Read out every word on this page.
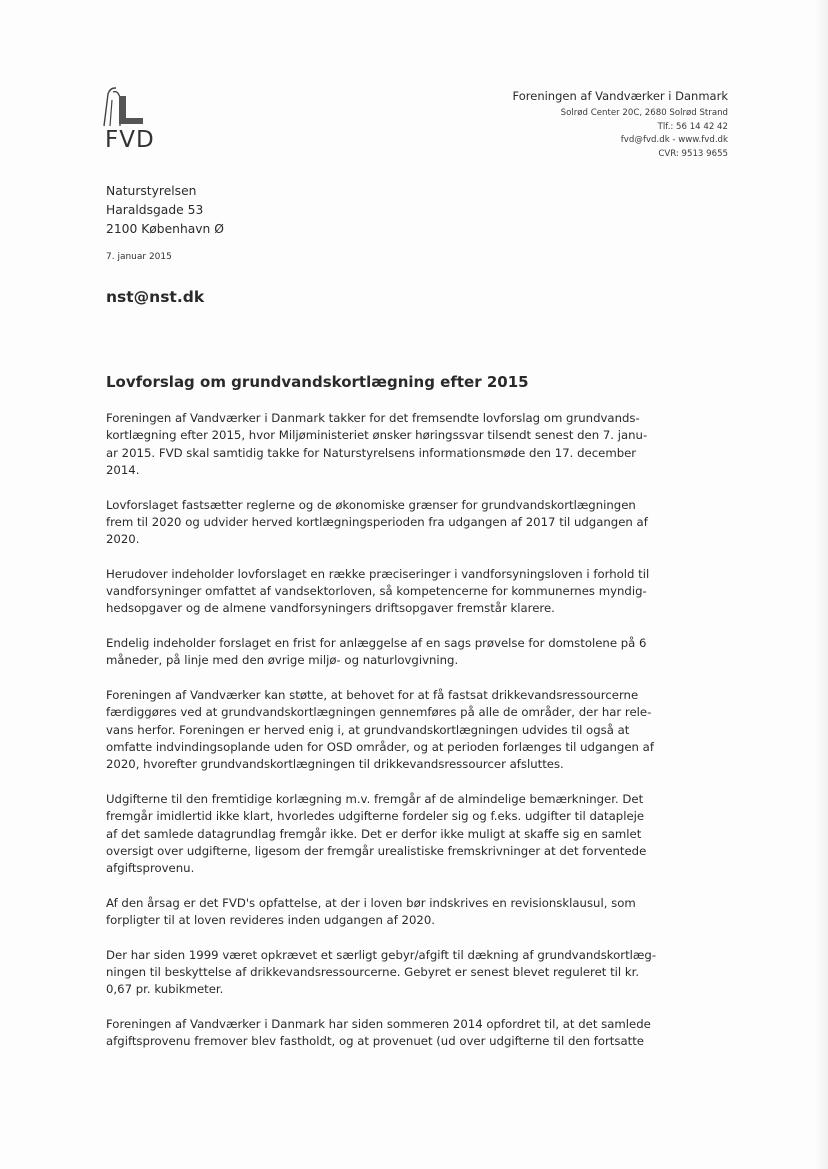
FVD
Foreningen af Vandværker i Danmark
Solrød Center 20C, 2680 Solrød Strand
Tlf.: 56 14 42 42
fvd@fvd.dk - www.fvd.dk
CVR: 9513 9655
Naturstyrelsen
Haraldsgade 53
2100 København Ø
7. januar 2015
nst@nst.dk
Lovforslag om grundvandskortlægning efter 2015
Foreningen af Vandværker i Danmark takker for det fremsendte lovforslag om grundvands-
kortlægning efter 2015, hvor Miljøministeriet ønsker høringssvar tilsendt senest den 7. janu-
ar 2015. FVD skal samtidig takke for Naturstyrelsens informationsmøde den 17. december
2014.
Lovforslaget fastsætter reglerne og de økonomiske grænser for grundvandskortlægningen
frem til 2020 og udvider herved kortlægningsperioden fra udgangen af 2017 til udgangen af
2020.
Herudover indeholder lovforslaget en række præciseringer i vandforsyningsloven i forhold til
vandforsyninger omfattet af vandsektorloven, så kompetencerne for kommunernes myndig-
hedsopgaver og de almene vandforsyningers driftsopgaver fremstår klarere.
Endelig indeholder forslaget en frist for anlæggelse af en sags prøvelse for domstolene på 6
måneder, på linje med den øvrige miljø- og naturlovgivning.
Foreningen af Vandværker kan støtte, at behovet for at få fastsat drikkevandsressourcerne
færdiggøres ved at grundvandskortlægningen gennemføres på alle de områder, der har rele-
vans herfor. Foreningen er herved enig i, at grundvandskortlægningen udvides til også at
omfatte indvindingsoplande uden for OSD områder, og at perioden forlænges til udgangen af
2020, hvorefter grundvandskortlægningen til drikkevandsressourcer afsluttes.
Udgifterne til den fremtidige korlægning m.v. fremgår af de almindelige bemærkninger. Det
fremgår imidlertid ikke klart, hvorledes udgifterne fordeler sig og f.eks. udgifter til datapleje
af det samlede datagrundlag fremgår ikke. Det er derfor ikke muligt at skaffe sig en samlet
oversigt over udgifterne, ligesom der fremgår urealistiske fremskrivninger at det forventede
afgiftsprovenu.
Af den årsag er det FVD's opfattelse, at der i loven bør indskrives en revisionsklausul, som
forpligter til at loven revideres inden udgangen af 2020.
Der har siden 1999 været opkrævet et særligt gebyr/afgift til dækning af grundvandskortlæg-
ningen til beskyttelse af drikkevandsressourcerne. Gebyret er senest blevet reguleret til kr.
0,67 pr. kubikmeter.
Foreningen af Vandværker i Danmark har siden sommeren 2014 opfordret til, at det samlede
afgiftsprovenu fremover blev fastholdt, og at provenuet (ud over udgifterne til den fortsatte
